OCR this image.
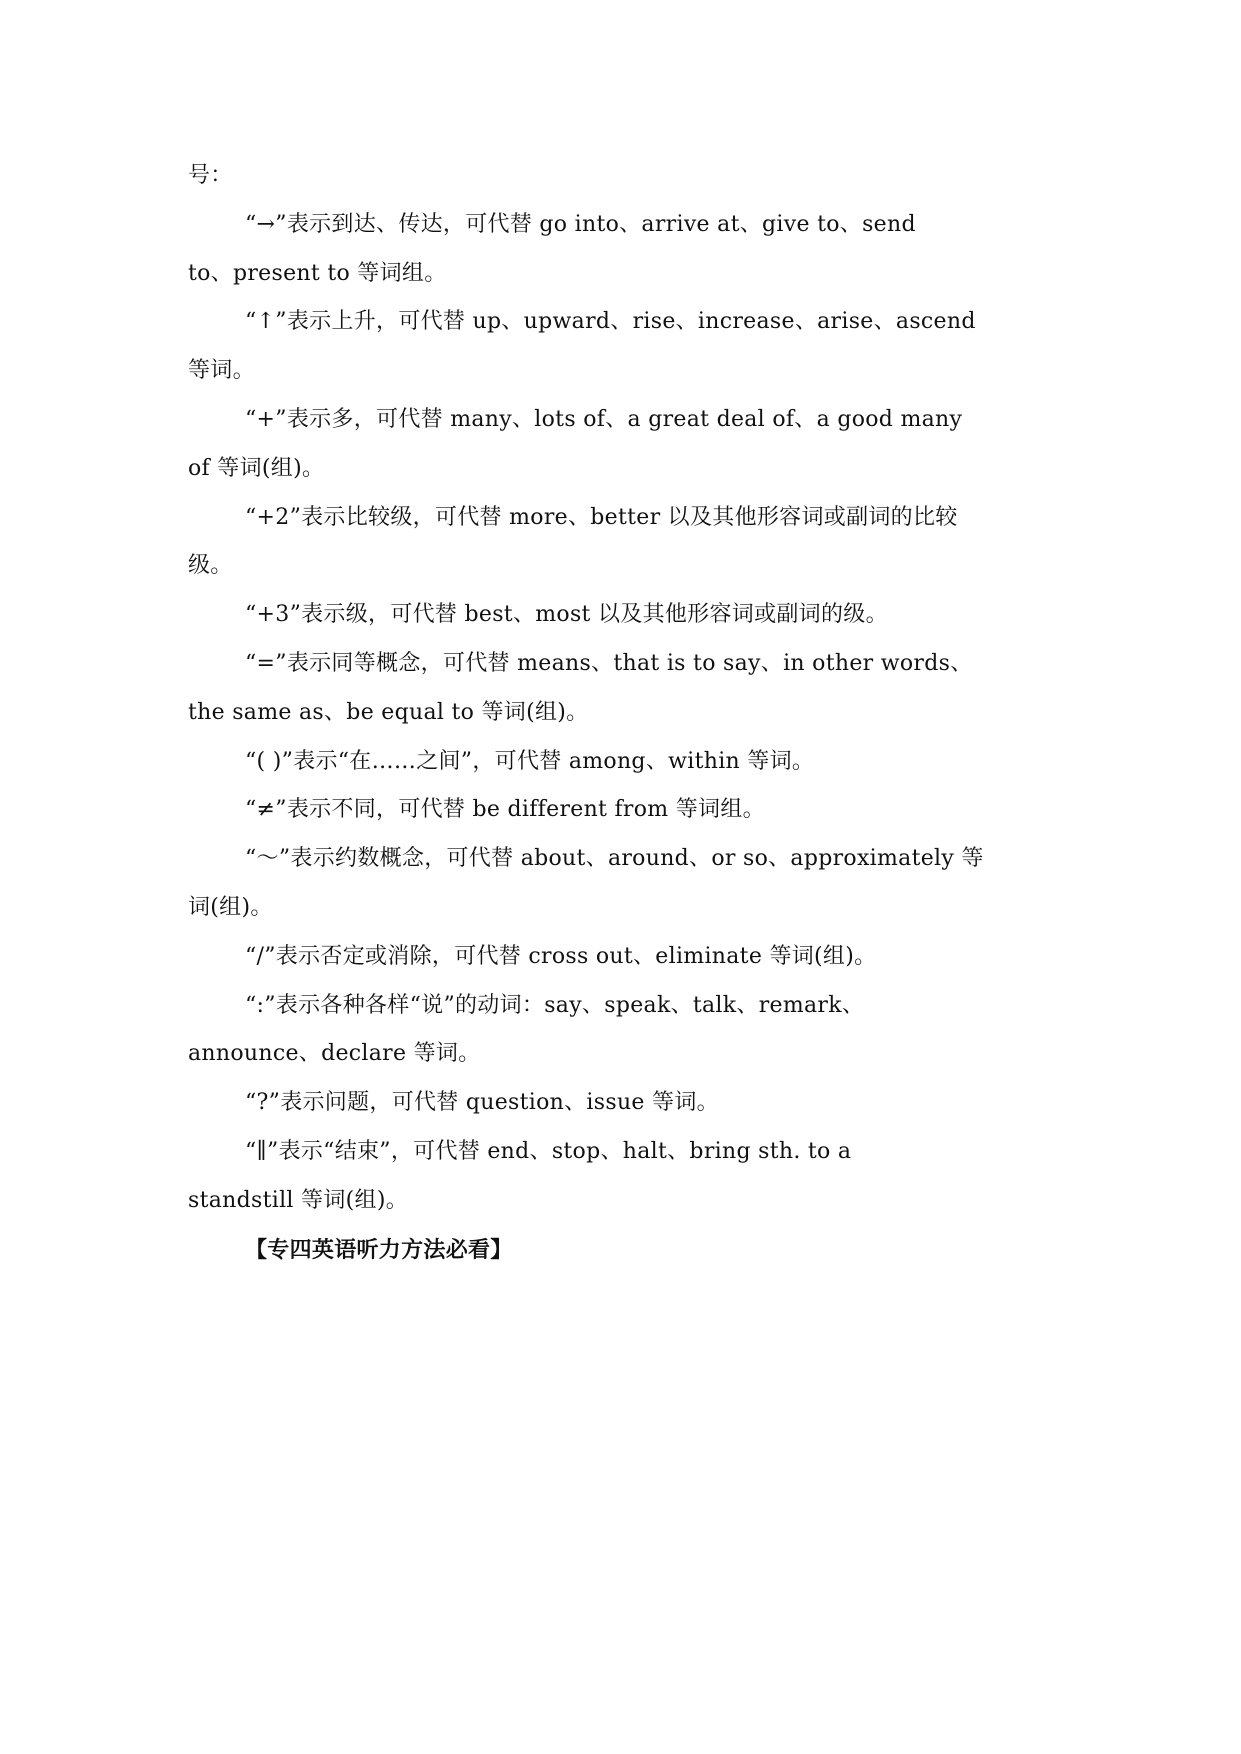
号：
“→”表示到达、传达，可代替 go into、arrive at、give to、send
to、present to 等词组。
“↑”表示上升，可代替 up、upward、rise、increase、arise、ascend
等词。
“+”表示多，可代替 many、lots of、a great deal of、a good many
of 等词(组)。
“+2”表示比较级，可代替 more、better 以及其他形容词或副词的比较
级。
“+3”表示级，可代替 best、most 以及其他形容词或副词的级。
“=”表示同等概念，可代替 means、that is to say、in other words、
the same as、be equal to 等词(组)。
“( )”表示“在……之间”，可代替 among、within 等词。
“≠”表示不同，可代替 be different from 等词组。
“～”表示约数概念，可代替 about、around、or so、approximately 等
词(组)。
“/”表示否定或消除，可代替 cross out、eliminate 等词(组)。
“:”表示各种各样“说”的动词：say、speak、talk、remark、
announce、declare 等词。
“?”表示问题，可代替 question、issue 等词。
“∥”表示“结束”，可代替 end、stop、halt、bring sth. to a
standstill 等词(组)。
【专四英语听力方法必看】
